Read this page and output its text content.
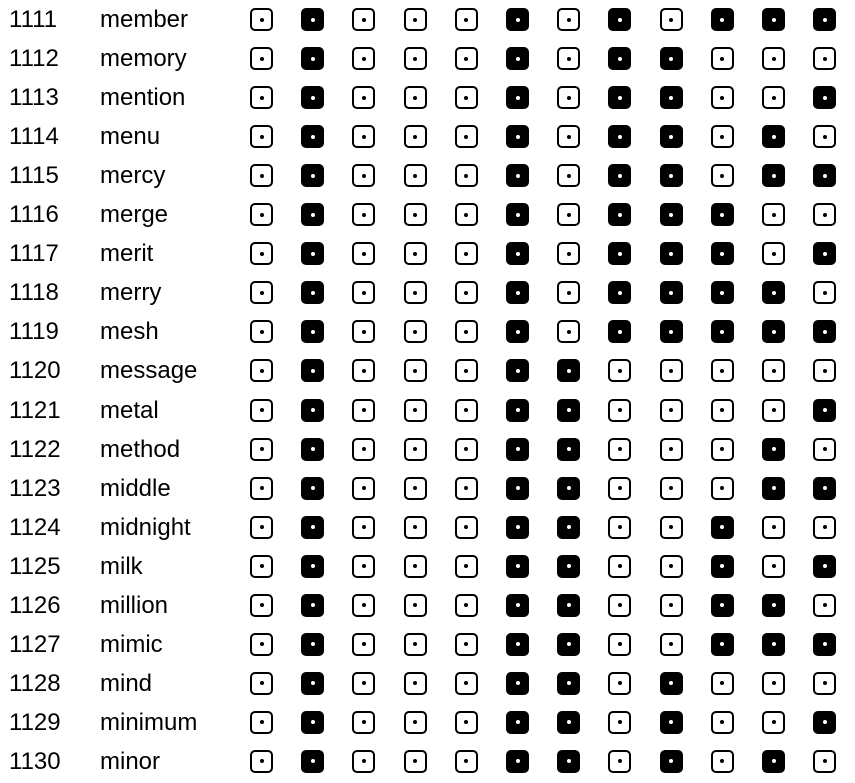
1111 member
1112 memory
1113 mention
1114 menu
1115 mercy
1116 merge
1117 merit
1118 merry
1119 mesh
1120 message
1121 metal
1122 method
1123 middle
1124 midnight
1125 milk
1126 million
1127 mimic
1128 mind
1129 minimum
1130 minor
